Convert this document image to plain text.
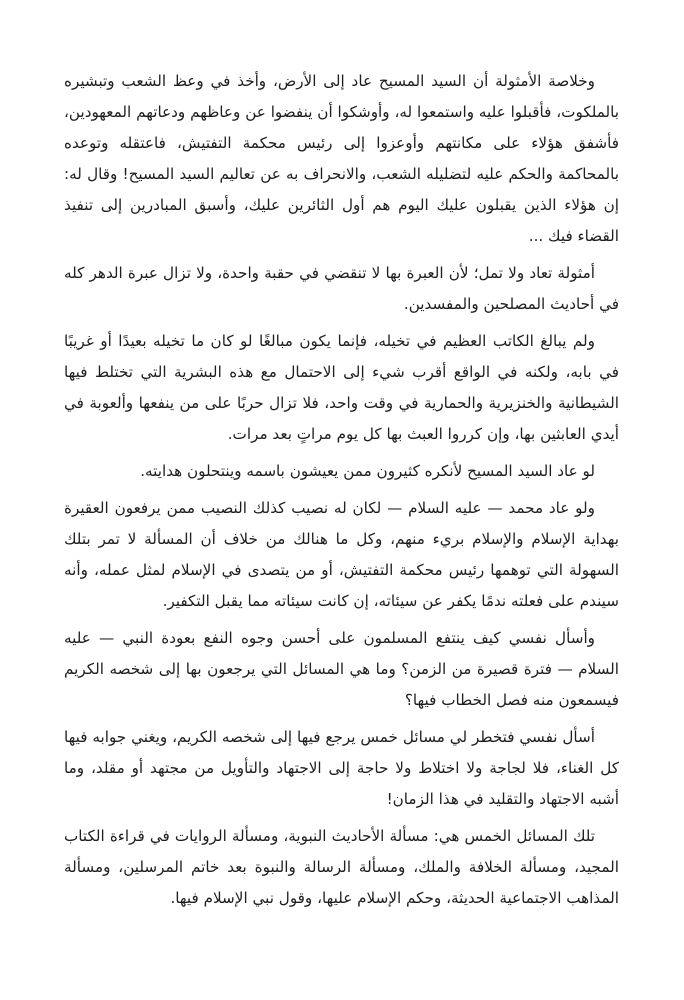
وخلاصة الأمثولة أن السيد المسيح عاد إلى الأرض، وأخذ في وعظ الشعب وتبشيره بالملكوت، فأقبلوا عليه واستمعوا له، وأوشكوا أن ينفضوا عن وعاظهم ودعاتهم المعهودين، فأشفق هؤلاء على مكانتهم وأوعزوا إلى رئيس محكمة التفتيش، فاعتقله وتوعده بالمحاكمة والحكم عليه لتضليله الشعب، والانحراف به عن تعاليم السيد المسيح! وقال له: إن هؤلاء الذين يقبلون عليك اليوم هم أول الثائرين عليك، وأسبق المبادرين إلى تنفيذ القضاء فيك ...

أمثولة تعاد ولا تمل؛ لأن العبرة بها لا تنقضي في حقبة واحدة، ولا تزال عبرة الدهر كله في أحاديث المصلحين والمفسدين.

ولم يبالغ الكاتب العظيم في تخيله، فإنما يكون مبالغًا لو كان ما تخيله بعيدًا أو غريبًا في بابه، ولكنه في الواقع أقرب شيء إلى الاحتمال مع هذه البشرية التي تختلط فيها الشيطانية والخنزيرية والحمارية في وقت واحد، فلا تزال حربًا على من ينفعها وألعوبة في أيدي العابثين بها، وإن كرروا العبث بها كل يوم مراتٍ بعد مرات.

لو عاد السيد المسيح لأنكره كثيرون ممن يعيشون باسمه وينتحلون هدايته.

ولو عاد محمد — عليه السلام — لكان له نصيب كذلك النصيب ممن يرفعون العقيرة بهداية الإسلام والإسلام بريء منهم، وكل ما هنالك من خلاف أن المسألة لا تمر بتلك السهولة التي توهمها رئيس محكمة التفتيش، أو من يتصدى في الإسلام لمثل عمله، وأنه سيندم على فعلته ندمًا يكفر عن سيئاته، إن كانت سيئاته مما يقبل التكفير.

وأسأل نفسي كيف ينتفع المسلمون على أحسن وجوه النفع بعودة النبي — عليه السلام — فترة قصيرة من الزمن؟ وما هي المسائل التي يرجعون بها إلى شخصه الكريم فيسمعون منه فصل الخطاب فيها؟

أسأل نفسي فتخطر لي مسائل خمس يرجع فيها إلى شخصه الكريم، ويغني جوابه فيها كل الغناء، فلا لجاجة ولا اختلاط ولا حاجة إلى الاجتهاد والتأويل من مجتهد أو مقلد، وما أشبه الاجتهاد والتقليد في هذا الزمان!

تلك المسائل الخمس هي: مسألة الأحاديث النبوية، ومسألة الروايات في قراءة الكتاب المجيد، ومسألة الخلافة والملك، ومسألة الرسالة والنبوة بعد خاتم المرسلين، ومسألة المذاهب الاجتماعية الحديثة، وحكم الإسلام عليها، وقول نبي الإسلام فيها.
